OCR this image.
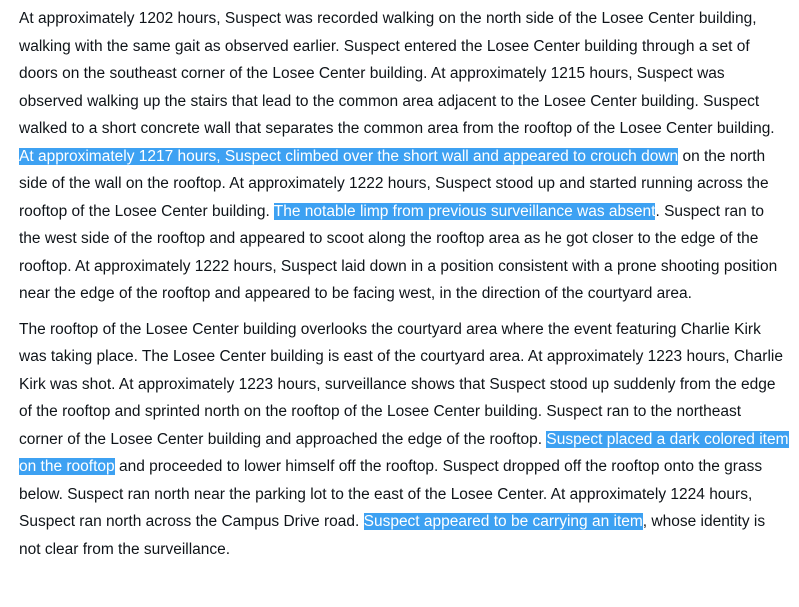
At approximately 1202 hours, Suspect was recorded walking on the north side of the Losee Center building, walking with the same gait as observed earlier. Suspect entered the Losee Center building through a set of doors on the southeast corner of the Losee Center building. At approximately 1215 hours, Suspect was observed walking up the stairs that lead to the common area adjacent to the Losee Center building. Suspect walked to a short concrete wall that separates the common area from the rooftop of the Losee Center building. At approximately 1217 hours, Suspect climbed over the short wall and appeared to crouch down on the north side of the wall on the rooftop. At approximately 1222 hours, Suspect stood up and started running across the rooftop of the Losee Center building. The notable limp from previous surveillance was absent. Suspect ran to the west side of the rooftop and appeared to scoot along the rooftop area as he got closer to the edge of the rooftop. At approximately 1222 hours, Suspect laid down in a position consistent with a prone shooting position near the edge of the rooftop and appeared to be facing west, in the direction of the courtyard area.

The rooftop of the Losee Center building overlooks the courtyard area where the event featuring Charlie Kirk was taking place. The Losee Center building is east of the courtyard area. At approximately 1223 hours, Charlie Kirk was shot. At approximately 1223 hours, surveillance shows that Suspect stood up suddenly from the edge of the rooftop and sprinted north on the rooftop of the Losee Center building. Suspect ran to the northeast corner of the Losee Center building and approached the edge of the rooftop. Suspect placed a dark colored item on the rooftop and proceeded to lower himself off the rooftop. Suspect dropped off the rooftop onto the grass below. Suspect ran north near the parking lot to the east of the Losee Center. At approximately 1224 hours, Suspect ran north across the Campus Drive road. Suspect appeared to be carrying an item, whose identity is not clear from the surveillance.
